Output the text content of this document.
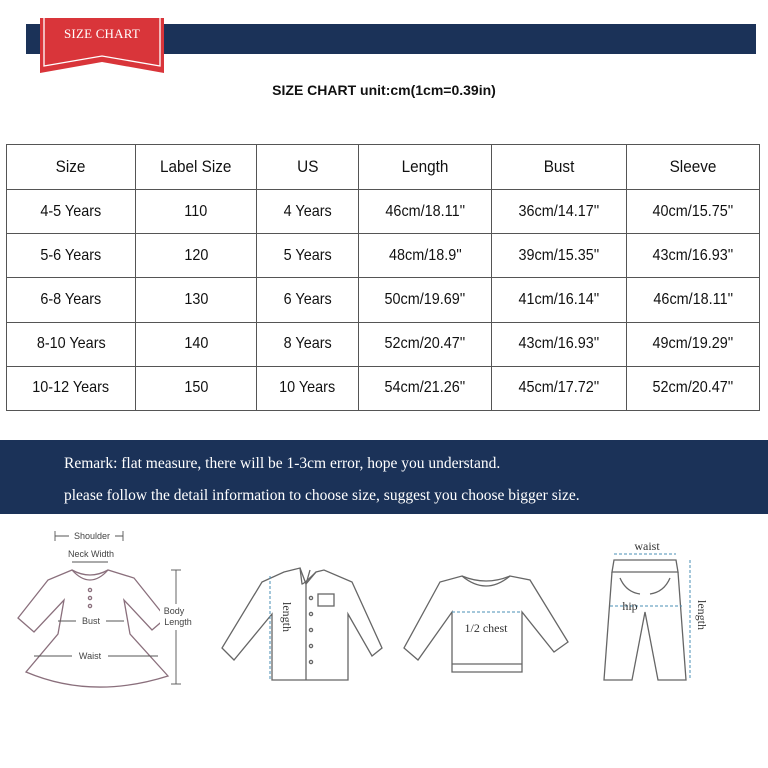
SIZE CHART
SIZE CHART unit:cm(1cm=0.39in)
Size	Label Size	US	Length	Bust	Sleeve
4-5 Years	110	4 Years	46cm/18.11''	36cm/14.17''	40cm/15.75''
5-6 Years	120	5 Years	48cm/18.9''	39cm/15.35''	43cm/16.93''
6-8 Years	130	6 Years	50cm/19.69''	41cm/16.14''	46cm/18.11''
8-10 Years	140	8 Years	52cm/20.47''	43cm/16.93''	49cm/19.29''
10-12 Years	150	10 Years	54cm/21.26''	45cm/17.72''	52cm/20.47''
Remark: flat measure, there will be 1-3cm error, hope you understand.
please follow the detail information to choose size, suggest you choose bigger size.
Shoulder
Neck Width
Bust
Waist
Body
Length	length	1/2 chest
waist
hip	length
